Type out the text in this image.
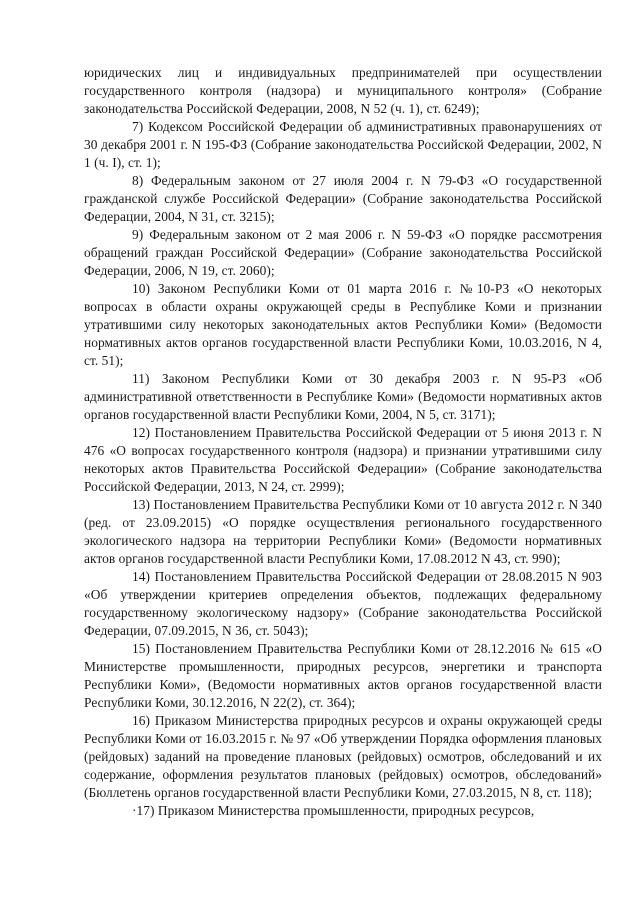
юридических лиц и индивидуальных предпринимателей при осуществлении государственного контроля (надзора) и муниципального контроля» (Собрание законодательства Российской Федерации, 2008, N 52 (ч. 1), ст. 6249);

7) Кодексом Российской Федерации об административных правонарушениях от 30 декабря 2001 г. N 195-ФЗ (Собрание законодательства Российской Федерации, 2002, N 1 (ч. I), ст. 1);

8) Федеральным законом от 27 июля 2004 г. N 79-ФЗ «О государственной гражданской службе Российской Федерации» (Собрание законодательства Российской Федерации, 2004, N 31, ст. 3215);

9) Федеральным законом от 2 мая 2006 г. N 59-ФЗ «О порядке рассмотрения обращений граждан Российской Федерации» (Собрание законодательства Российской Федерации, 2006, N 19, ст. 2060);

10) Законом Республики Коми от 01 марта 2016 г. №10-РЗ «О некоторых вопросах в области охраны окружающей среды в Республике Коми и признании утратившими силу некоторых законодательных актов Республики Коми» (Ведомости нормативных актов органов государственной власти Республики Коми, 10.03.2016, N 4, ст. 51);

11) Законом Республики Коми от 30 декабря 2003 г. N 95-РЗ «Об административной ответственности в Республике Коми» (Ведомости нормативных актов органов государственной власти Республики Коми, 2004, N 5, ст. 3171);

12) Постановлением Правительства Российской Федерации от 5 июня 2013 г. N 476 «О вопросах государственного контроля (надзора) и признании утратившими силу некоторых актов Правительства Российской Федерации» (Собрание законодательства Российской Федерации, 2013, N 24, ст. 2999);

13) Постановлением Правительства Республики Коми от 10 августа 2012 г. N 340 (ред. от 23.09.2015) «О порядке осуществления регионального государственного экологического надзора на территории Республики Коми» (Ведомости нормативных актов органов государственной власти Республики Коми, 17.08.2012 N 43, ст. 990);

14) Постановлением Правительства Российской Федерации от 28.08.2015 N 903 «Об утверждении критериев определения объектов, подлежащих федеральному государственному экологическому надзору» (Собрание законодательства Российской Федерации, 07.09.2015, N 36, ст. 5043);

15) Постановлением Правительства Республики Коми от 28.12.2016 № 615 «О Министерстве промышленности, природных ресурсов, энергетики и транспорта Республики Коми», (Ведомости нормативных актов органов государственной власти Республики Коми, 30.12.2016, N 22(2), ст. 364);

16) Приказом Министерства природных ресурсов и охраны окружающей среды Республики Коми от 16.03.2015 г. № 97 «Об утверждении Порядка оформления плановых (рейдовых) заданий на проведение плановых (рейдовых) осмотров, обследований и их содержание, оформления результатов плановых (рейдовых) осмотров, обследований» (Бюллетень органов государственной власти Республики Коми, 27.03.2015, N 8, ст. 118);

·17) Приказом Министерства промышленности, природных ресурсов,
